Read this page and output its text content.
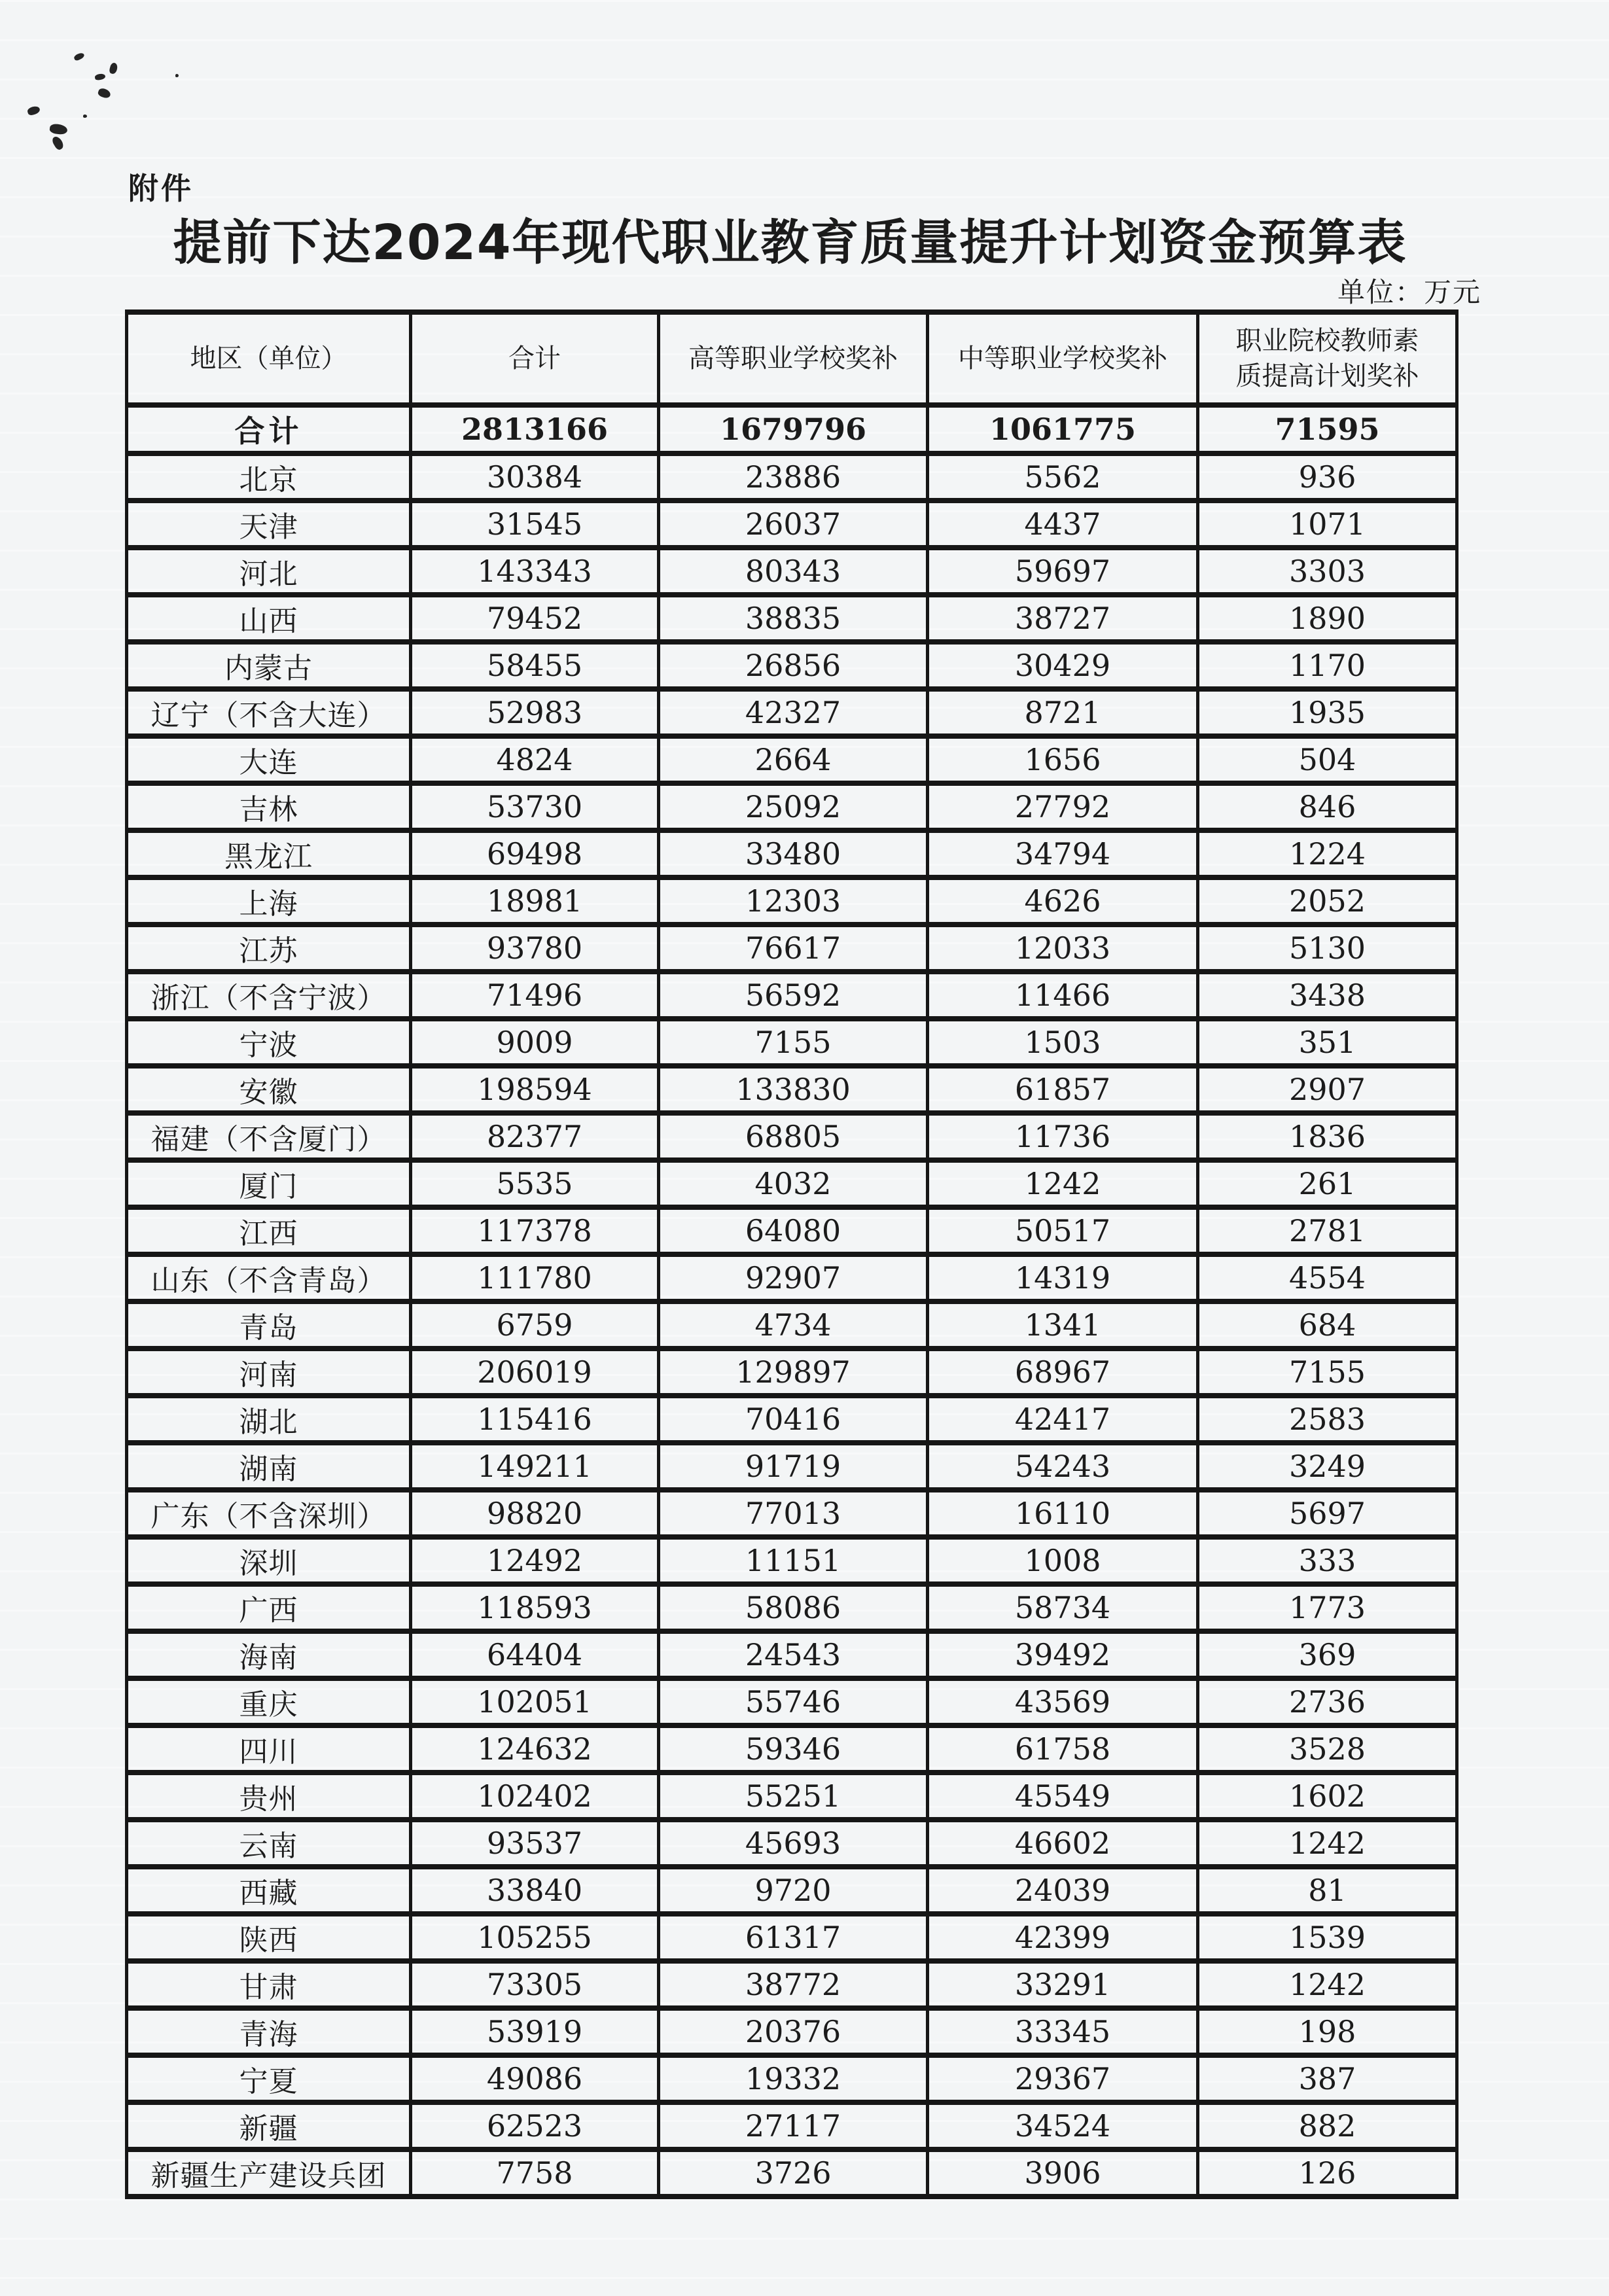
附件
提前下达2024年现代职业教育质量提升计划资金预算表
单位：万元
地区（单位）	合计	高等职业学校奖补	中等职业学校奖补	职业院校教师素
质提高计划奖补
合计	2813166	1679796	1061775	71595
北京	30384	23886	5562	936
天津	31545	26037	4437	1071
河北	143343	80343	59697	3303
山西	79452	38835	38727	1890
内蒙古	58455	26856	30429	1170
辽宁（不含大连）	52983	42327	8721	1935
大连	4824	2664	1656	504
吉林	53730	25092	27792	846
黑龙江	69498	33480	34794	1224
上海	18981	12303	4626	2052
江苏	93780	76617	12033	5130
浙江（不含宁波）	71496	56592	11466	3438
宁波	9009	7155	1503	351
安徽	198594	133830	61857	2907
福建（不含厦门）	82377	68805	11736	1836
厦门	5535	4032	1242	261
江西	117378	64080	50517	2781
山东（不含青岛）	111780	92907	14319	4554
青岛	6759	4734	1341	684
河南	206019	129897	68967	7155
湖北	115416	70416	42417	2583
湖南	149211	91719	54243	3249
广东（不含深圳）	98820	77013	16110	5697
深圳	12492	11151	1008	333
广西	118593	58086	58734	1773
海南	64404	24543	39492	369
重庆	102051	55746	43569	2736
四川	124632	59346	61758	3528
贵州	102402	55251	45549	1602
云南	93537	45693	46602	1242
西藏	33840	9720	24039	81
陕西	105255	61317	42399	1539
甘肃	73305	38772	33291	1242
青海	53919	20376	33345	198
宁夏	49086	19332	29367	387
新疆	62523	27117	34524	882
新疆生产建设兵团	7758	3726	3906	126
